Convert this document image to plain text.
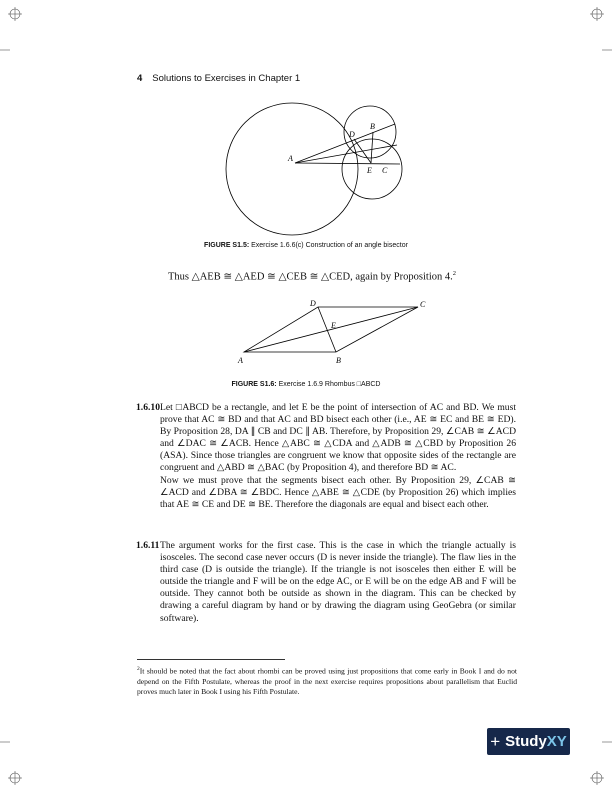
4 Solutions to Exercises in Chapter 1
A
B
C
D
E
FIGURE S1.5: Exercise 1.6.6(c) Construction of an angle bisector
Thus △AEB ≅ △AED ≅ △CEB ≅ △CED, again by Proposition 4.$^2$
A	B
C
D
E
FIGURE S1.6: Exercise 1.6.9 Rhombus □ABCD
1.6.10 Let □ABCD be a rectangle, and let E be the point of intersection of AC and BD. We must prove that AC ≅ BD and that AC and BD bisect each other (i.e., AE ≅ EC and BE ≅ ED). By Proposition 28, DA ∥ CB and DC ∥ AB. Therefore, by Proposition 29, ∠CAB ≅ ∠ACD and ∠DAC ≅ ∠ACB. Hence △ABC ≅ △CDA and △ADB ≅ △CBD by Proposition 26 (ASA). Since those triangles are congruent we know that opposite sides of the rectangle are congruent and △ABD ≅ △BAC (by Proposition 4), and therefore BD ≅ AC.

Now we must prove that the segments bisect each other. By Proposition 29, ∠CAB ≅ ∠ACD and ∠DBA ≅ ∠BDC. Hence △ABE ≅ △CDE (by Proposition 26) which implies that AE ≅ CE and DE ≅ BE. Therefore the diagonals are equal and bisect each other.

1.6.11 The argument works for the first case. This is the case in which the triangle actually is isosceles. The second case never occurs (D is never inside the triangle). The flaw lies in the third case (D is outside the triangle). If the triangle is not isosceles then either E will be outside the triangle and F will be on the edge AC, or E will be on the edge AB and F will be outside. They cannot both be outside as shown in the diagram. This can be checked by drawing a careful diagram by hand or by drawing the diagram using GeoGebra (or similar software).

$^2$It should be noted that the fact about rhombi can be proved using just propositions that come early in Book I and do not depend on the Fifth Postulate, whereas the proof in the next exercise requires propositions about parallelism that Euclid proves much later in Book I using his Fifth Postulate.
+ StudyXY
